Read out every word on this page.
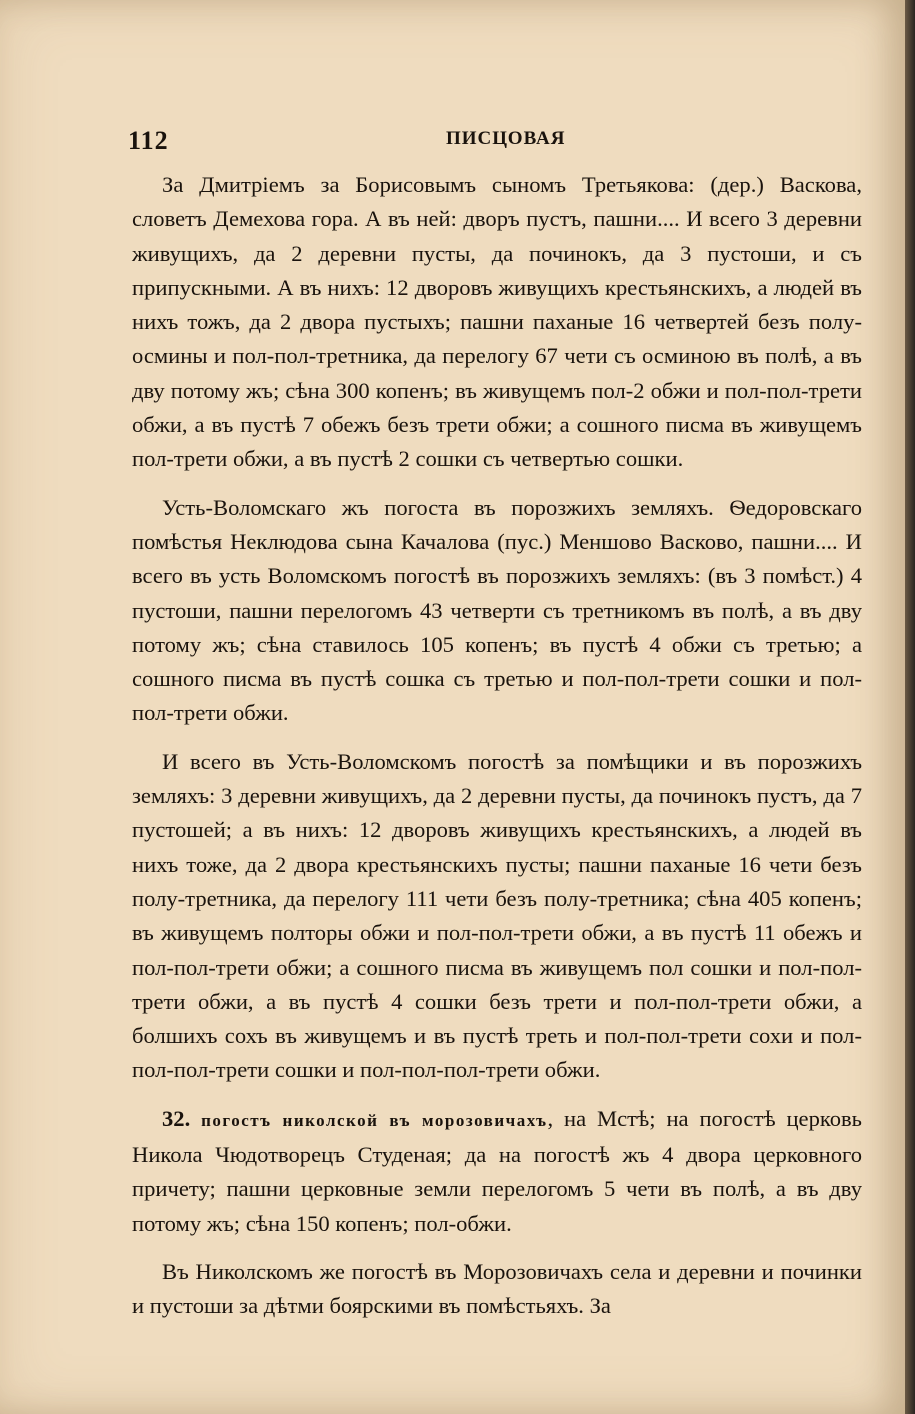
112	ПИСЦОВАЯ

За Дмитріемъ за Борисовымъ сыномъ Третьякова: (дер.) Васкова, словетъ Демехова гора. А въ ней: дворъ пустъ, пашни.... И всего 3 деревни живущихъ, да 2 деревни пусты, да починокъ, да 3 пустоши, и съ припускными. А въ нихъ: 12 дворовъ живущихъ крестьянскихъ, а людей въ нихъ тожъ, да 2 двора пустыхъ; пашни паханые 16 четвертей безъ полу-осмины и пол-пол-третника, да перелогу 67 чети съ осминою въ полѣ, а въ дву потому жъ; сѣна 300 копенъ; въ живущемъ пол-2 обжи и пол-пол-трети обжи, а въ пустѣ 7 обежъ безъ трети обжи; а сошного писма въ живущемъ пол-трети обжи, а въ пустѣ 2 сошки съ четвертью сошки.

Усть-Воломскаго жъ погоста въ порозжихъ земляхъ. Ѳедоровскаго помѣстья Неклюдова сына Качалова (пус.) Меншово Васково, пашни.... И всего въ усть Воломскомъ погостѣ въ порозжихъ земляхъ: (въ 3 помѣст.) 4 пустоши, пашни перелогомъ 43 четверти съ третникомъ въ полѣ, а въ дву потому жъ; сѣна ставилось 105 копенъ; въ пустѣ 4 обжи съ третью; а сошного писма въ пустѣ сошка съ третью и пол-пол-трети сошки и пол-пол-трети обжи.

И всего въ Усть-Воломскомъ погостѣ за помѣщики и въ порозжихъ земляхъ: 3 деревни живущихъ, да 2 деревни пусты, да починокъ пустъ, да 7 пустошей; а въ нихъ: 12 дворовъ живущихъ крестьянскихъ, а людей въ нихъ тоже, да 2 двора крестьянскихъ пусты; пашни паханые 16 чети безъ полу-третника, да перелогу 111 чети безъ полу-третника; сѣна 405 копенъ; въ живущемъ полторы обжи и пол-пол-трети обжи, а въ пустѣ 11 обежъ и пол-пол-трети обжи; а сошного писма въ живущемъ пол сошки и пол-пол-трети обжи, а въ пустѣ 4 сошки безъ трети и пол-пол-трети обжи, а болшихъ сохъ въ живущемъ и въ пустѣ треть и пол-пол-трети сохи и пол-пол-пол-трети сошки и пол-пол-пол-трети обжи.

32. погостъ николской въ морозовичахъ, на Мстѣ; на погостѣ церковь Никола Чюдотворецъ Студеная; да на погостѣ жъ 4 двора церковного причету; пашни церковные земли перелогомъ 5 чети въ полѣ, а въ дву потому жъ; сѣна 150 копенъ; пол-обжи.

Въ Николскомъ же погостѣ въ Морозовичахъ села и деревни и починки и пустоши за дѣтми боярскими въ помѣстьяхъ. За
